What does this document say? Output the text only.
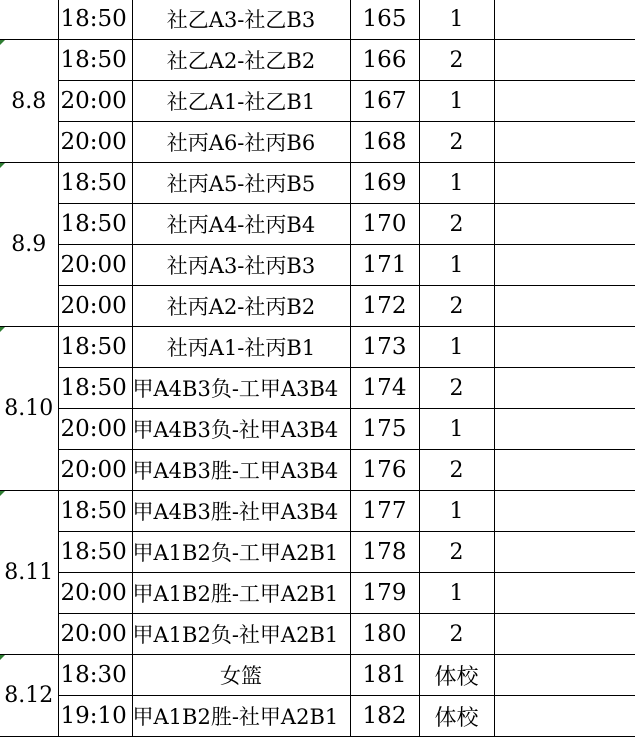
	18:50	社乙A3-社乙B3	165	1	

8.8	18:50	社乙A2-社乙B2	166	2	
	20:00	社乙A1-社乙B1	167	1	
	20:00	社丙A6-社丙B6	168	2	

8.9	18:50	社丙A5-社丙B5	169	1	
	18:50	社丙A4-社丙B4	170	2	
	20:00	社丙A3-社丙B3	171	1	
	20:00	社丙A2-社丙B2	172	2	

8.10	18:50	社丙A1-社丙B1	173	1	
	18:50	甲A4B3负-工甲A3B4	174	2	
	20:00	甲A4B3负-社甲A3B4	175	1	
	20:00	甲A4B3胜-工甲A3B4	176	2	

8.11	18:50	甲A4B3胜-社甲A3B4	177	1	
	18:50	甲A1B2负-工甲A2B1	178	2	
	20:00	甲A1B2胜-工甲A2B1	179	1	
	20:00	甲A1B2负-社甲A2B1	180	2	

8.12	18:30	女篮	181	体校	
	19:10	甲A1B2胜-社甲A2B1	182	体校	
